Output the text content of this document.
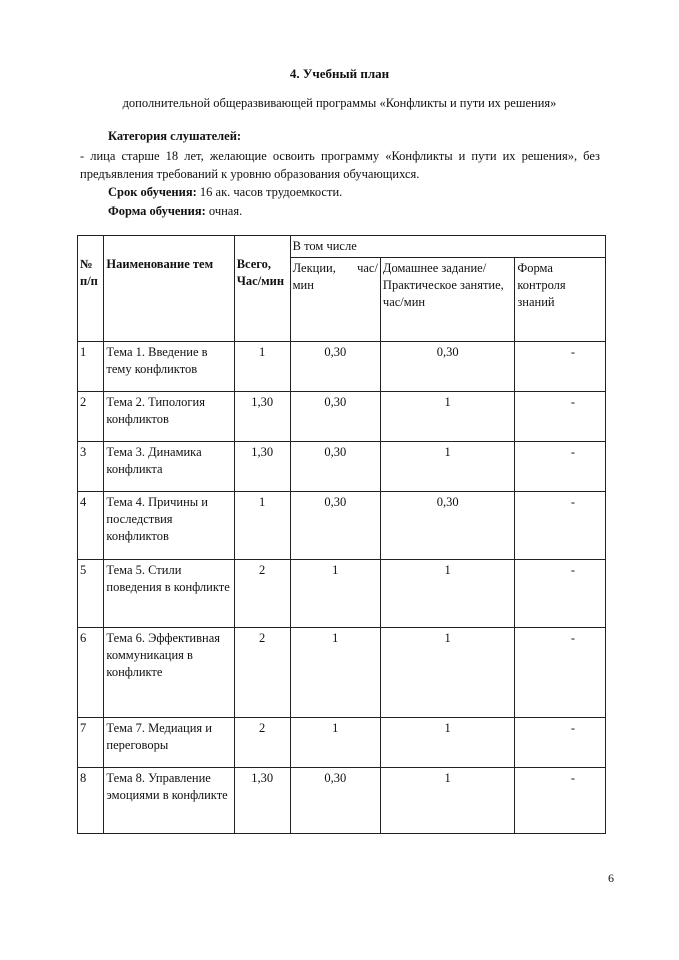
4. Учебный план
дополнительной общеразвивающей программы «Конфликты и пути их решения»
Категория слушателей:
- лица старше 18 лет, желающие освоить программу «Конфликты и пути их решения», без предъявления требований к уровню образования обучающихся.
Срок обучения: 16 ак. часов трудоемкости.
Форма обучения: очная.
№ п/п	Наименование тем	Всего, Час/мин	В том числе		
			Лекции, час/мин	Домашнее задание/ Практическое занятие, час/мин	Форма контроля знаний
1	Тема 1. Введение в тему конфликтов	1	0,30	0,30	-
2	Тема 2. Типология конфликтов	1,30	0,30	1	-
3	Тема 3. Динамика конфликта	1,30	0,30	1	-
4	Тема 4. Причины и последствия конфликтов	1	0,30	0,30	-
5	Тема 5. Стили поведения в конфликте	2	1	1	-
6	Тема 6. Эффективная коммуникация в конфликте	2	1	1	-
7	Тема 7. Медиация и переговоры	2	1	1	-
8	Тема 8. Управление эмоциями в конфликте	1,30	0,30	1	-
6
